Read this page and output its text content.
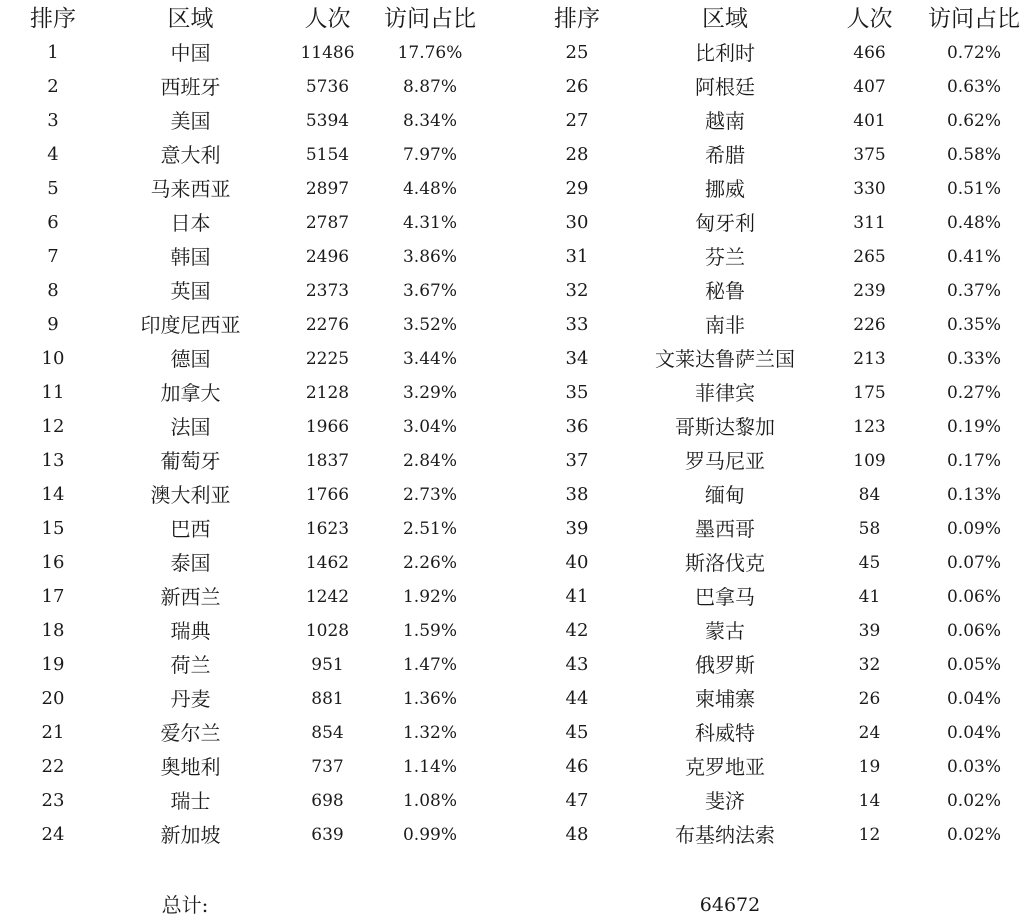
排序	区域	人次	访问占比	排序	区域	人次	访问占比
1	中国	11486	17.76%
2	西班牙	5736	8.87%
3	美国	5394	8.34%
4	意大利	5154	7.97%
5	马来西亚	2897	4.48%
6	日本	2787	4.31%
7	韩国	2496	3.86%
8	英国	2373	3.67%
9	印度尼西亚	2276	3.52%
10	德国	2225	3.44%
11	加拿大	2128	3.29%
12	法国	1966	3.04%
13	葡萄牙	1837	2.84%
14	澳大利亚	1766	2.73%
15	巴西	1623	2.51%
16	泰国	1462	2.26%
17	新西兰	1242	1.92%
18	瑞典	1028	1.59%
19	荷兰	951	1.47%
20	丹麦	881	1.36%
21	爱尔兰	854	1.32%
22	奥地利	737	1.14%
23	瑞士	698	1.08%
24	新加坡	639	0.99%
25	比利时	466	0.72%
26	阿根廷	407	0.63%
27	越南	401	0.62%
28	希腊	375	0.58%
29	挪威	330	0.51%
30	匈牙利	311	0.48%
31	芬兰	265	0.41%
32	秘鲁	239	0.37%
33	南非	226	0.35%
34	文莱达鲁萨兰国	213	0.33%
35	菲律宾	175	0.27%
36	哥斯达黎加	123	0.19%
37	罗马尼亚	109	0.17%
38	缅甸	84	0.13%
39	墨西哥	58	0.09%
40	斯洛伐克	45	0.07%
41	巴拿马	41	0.06%
42	蒙古	39	0.06%
43	俄罗斯	32	0.05%
44	柬埔寨	26	0.04%
45	科威特	24	0.04%
46	克罗地亚	19	0.03%
47	斐济	14	0.02%
48	布基纳法索	12	0.02%
总计:	64672
